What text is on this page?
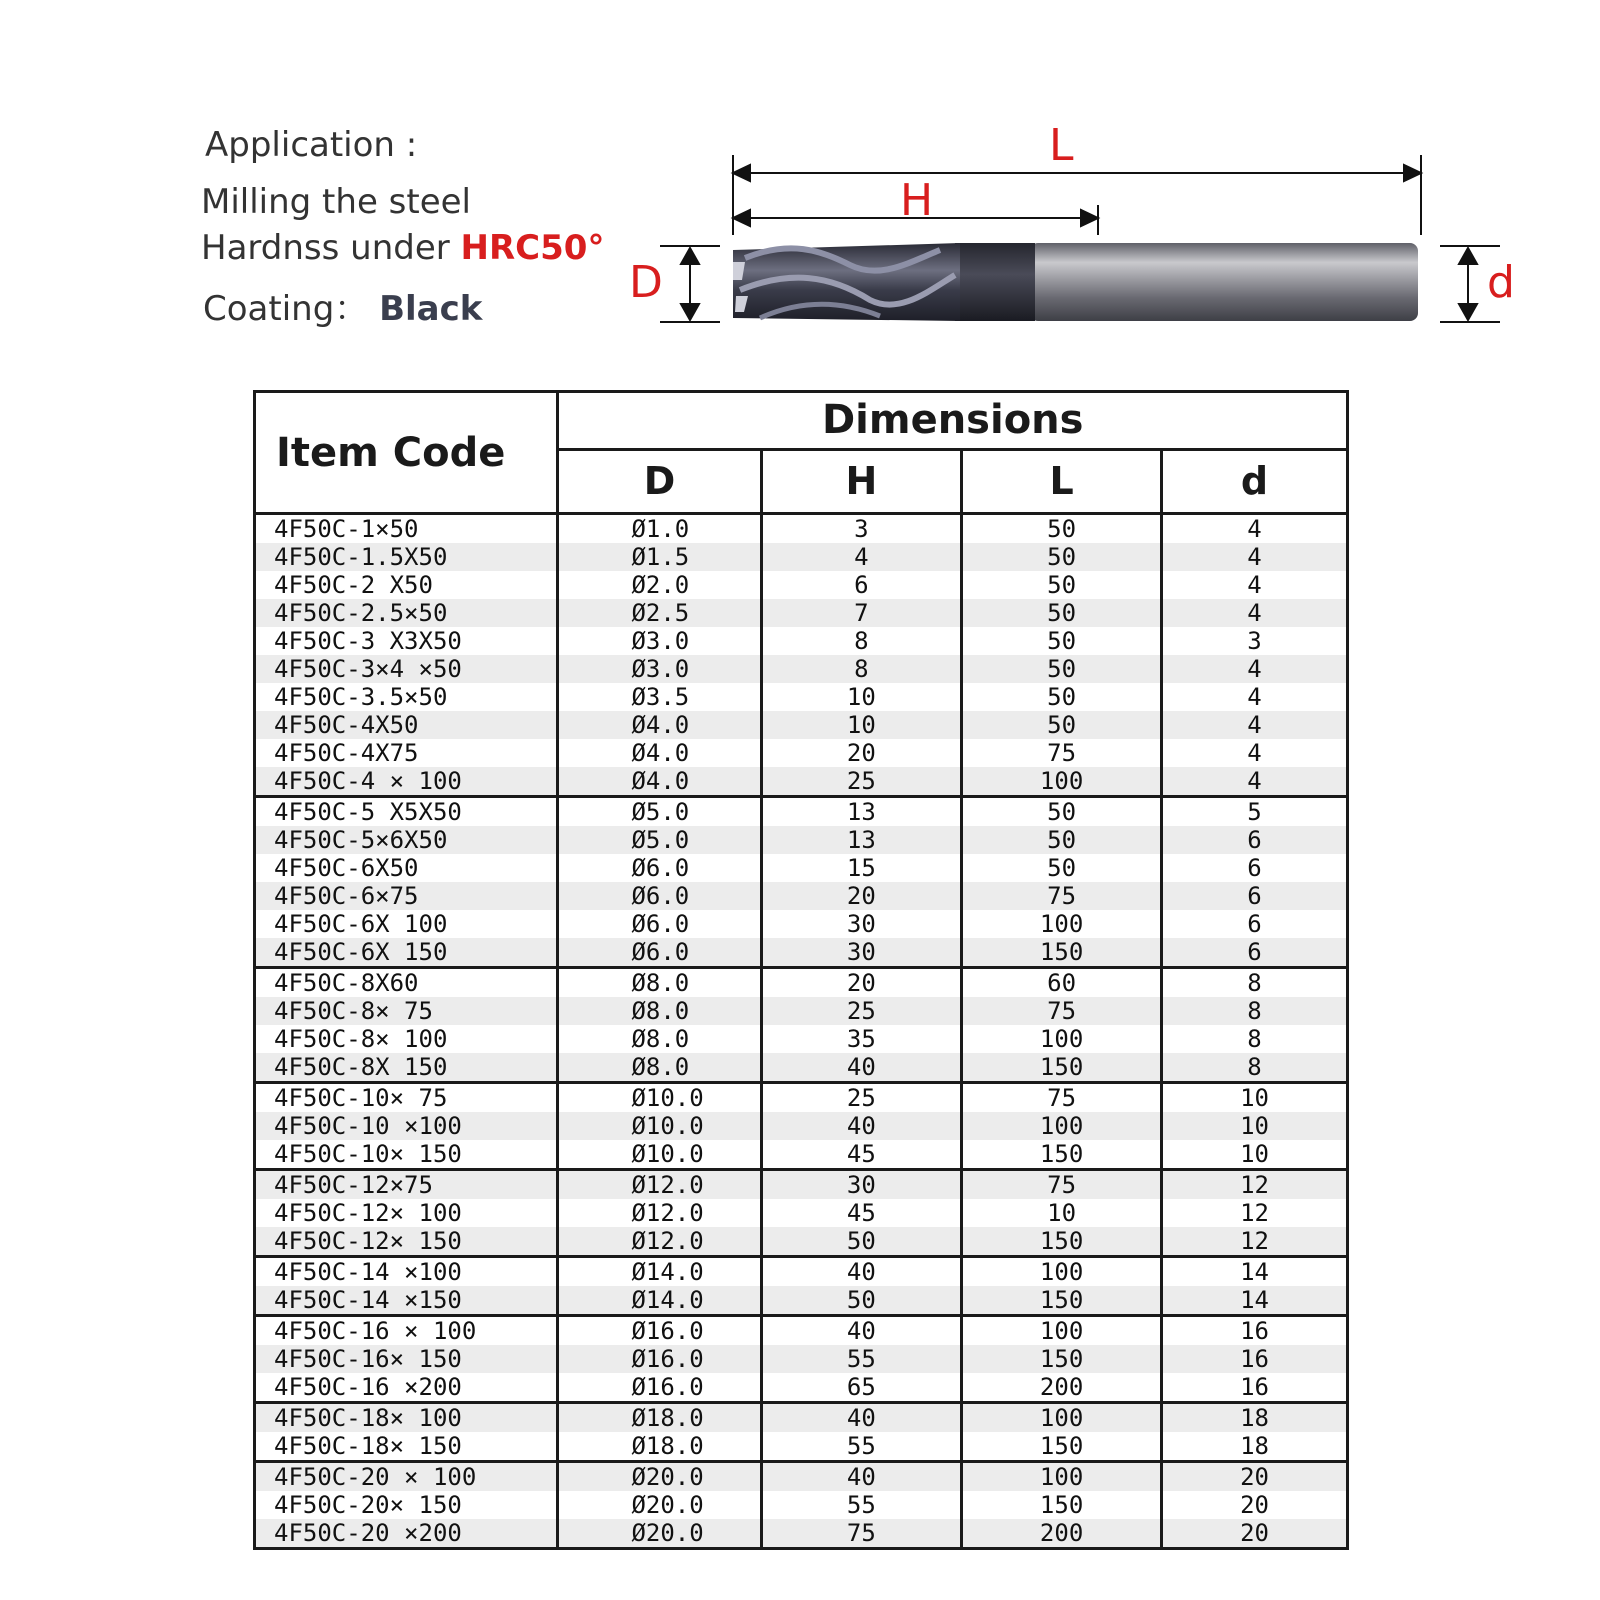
Application :
Milling the steel
Hardnss under HRC50°
Coating： Black
L
H
D	d
Item Code	Dimensions			
	D	H	L	d
4F50C-1×50	Ø1.0	3	50	4
4F50C-1.5X50	Ø1.5	4	50	4
4F50C-2 X50	Ø2.0	6	50	4
4F50C-2.5×50	Ø2.5	7	50	4
4F50C-3 X3X50	Ø3.0	8	50	3
4F50C-3×4 ×50	Ø3.0	8	50	4
4F50C-3.5×50	Ø3.5	10	50	4
4F50C-4X50	Ø4.0	10	50	4
4F50C-4X75	Ø4.0	20	75	4
4F50C-4 × 100	Ø4.0	25	100	4
4F50C-5 X5X50	Ø5.0	13	50	5
4F50C-5×6X50	Ø5.0	13	50	6
4F50C-6X50	Ø6.0	15	50	6
4F50C-6×75	Ø6.0	20	75	6
4F50C-6X 100	Ø6.0	30	100	6
4F50C-6X 150	Ø6.0	30	150	6
4F50C-8X60	Ø8.0	20	60	8
4F50C-8× 75	Ø8.0	25	75	8
4F50C-8× 100	Ø8.0	35	100	8
4F50C-8X 150	Ø8.0	40	150	8
4F50C-10× 75	Ø10.0	25	75	10
4F50C-10 ×100	Ø10.0	40	100	10
4F50C-10× 150	Ø10.0	45	150	10
4F50C-12×75	Ø12.0	30	75	12
4F50C-12× 100	Ø12.0	45	10	12
4F50C-12× 150	Ø12.0	50	150	12
4F50C-14 ×100	Ø14.0	40	100	14
4F50C-14 ×150	Ø14.0	50	150	14
4F50C-16 × 100	Ø16.0	40	100	16
4F50C-16× 150	Ø16.0	55	150	16
4F50C-16 ×200	Ø16.0	65	200	16
4F50C-18× 100	Ø18.0	40	100	18
4F50C-18× 150	Ø18.0	55	150	18
4F50C-20 × 100	Ø20.0	40	100	20
4F50C-20× 150	Ø20.0	55	150	20
4F50C-20 ×200	Ø20.0	75	200	20
